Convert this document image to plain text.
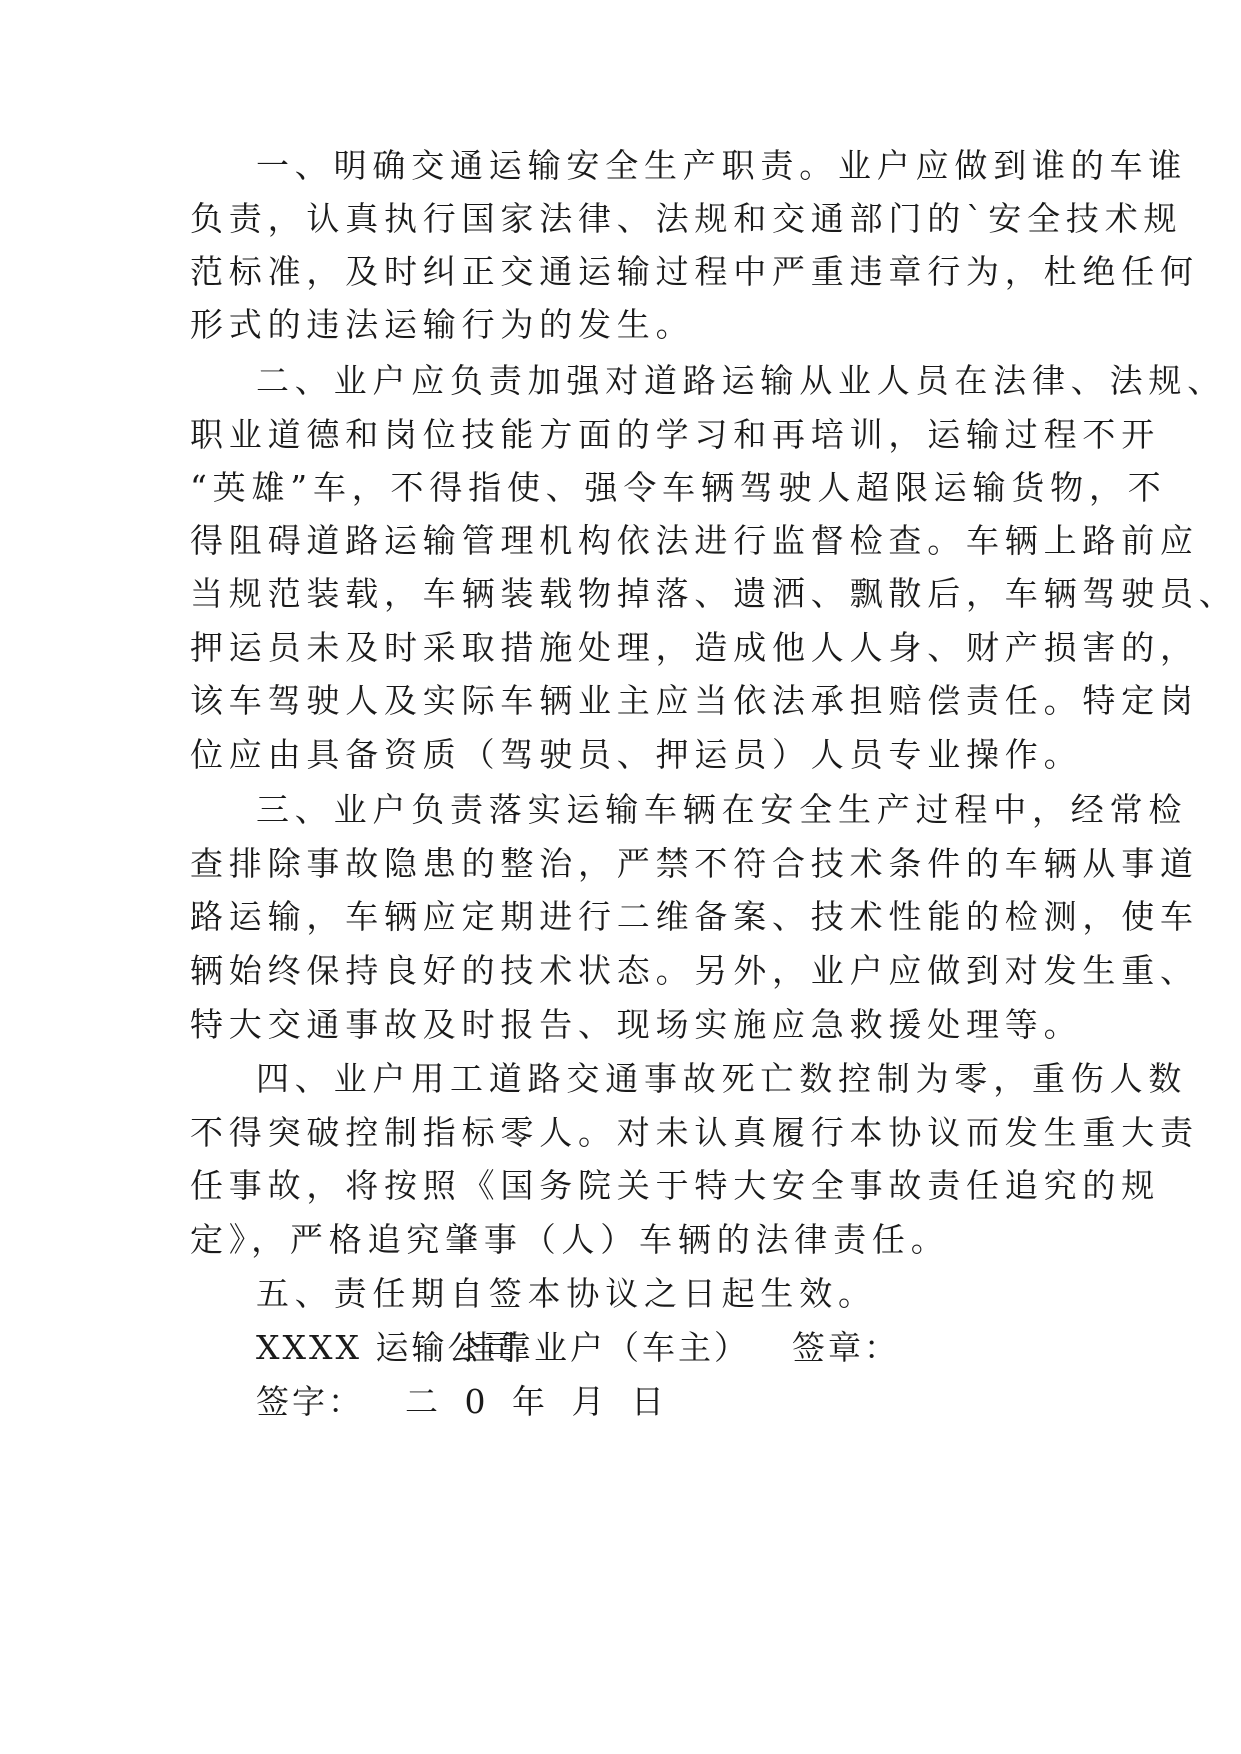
一、明确交通运输安全生产职责。业户应做到谁的车谁
负责，认真执行国家法律、法规和交通部门的`安全技术规
范标准，及时纠正交通运输过程中严重违章行为，杜绝任何
形式的违法运输行为的发生。
二、业户应负责加强对道路运输从业人员在法律、法规、
职业道德和岗位技能方面的学习和再培训，运输过程不开
“英雄”车，不得指使、强令车辆驾驶人超限运输货物，不
得阻碍道路运输管理机构依法进行监督检查。车辆上路前应
当规范装载，车辆装载物掉落、遗洒、飘散后，车辆驾驶员、
押运员未及时采取措施处理，造成他人人身、财产损害的，
该车驾驶人及实际车辆业主应当依法承担赔偿责任。特定岗
位应由具备资质（驾驶员、押运员）人员专业操作。
三、业户负责落实运输车辆在安全生产过程中，经常检
查排除事故隐患的整治，严禁不符合技术条件的车辆从事道
路运输，车辆应定期进行二维备案、技术性能的检测，使车
辆始终保持良好的技术状态。另外，业户应做到对发生重、
特大交通事故及时报告、现场实施应急救援处理等。
四、业户用工道路交通事故死亡数控制为零，重伤人数
不得突破控制指标零人。对未认真履行本协议而发生重大责
任事故，将按照《国务院关于特大安全事故责任追究的规
定》，严格追究肇事（人）车辆的法律责任。
五、责任期自签本协议之日起生效。
XXXX 运输公司
挂靠业户（车主） 签章：
签字： 二 0 年 月 日
